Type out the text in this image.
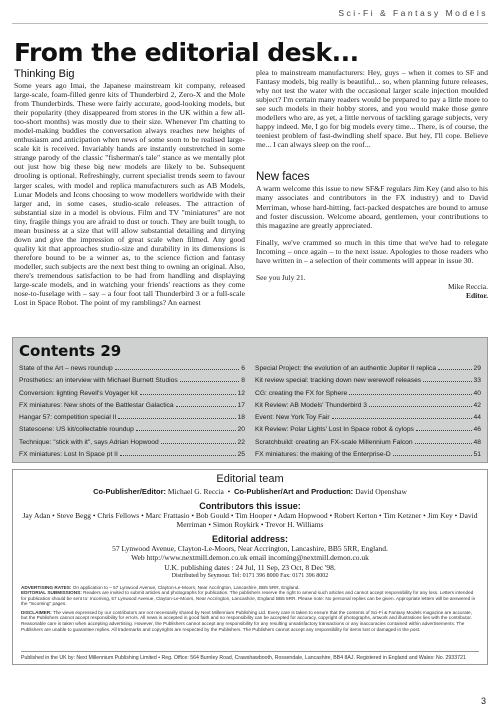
Sci-Fi & Fantasy Models
From the editorial desk...
Thinking Big

Some years ago Imai, the Japanese mainstream kit company, released large-scale, foam-filled genre kits of Thunderbird 2, Zero-X and the Mole from Thunderbirds. These were fairly accurate, good-looking models, but their popularity (they disappeared from stores in the UK within a few all-too-short months) was mostly due to their size. Whenever I'm chatting to model-making buddies the conversation always reaches new heights of enthusiasm and anticipation when news of some soon to be realised large-scale kit is received. Invariably hands are instantly outstretched in some strange parody of the classic "fisherman's tale" stance as we mentally plot out just how big these big new models are likely to be. Subsequent drooling is optional. Refreshingly, current specialist trends seem to favour larger scales, with model and replica manufacturers such as AB Models, Lunar Models and Icons choosing to wow modellers worldwide with their larger and, in some cases, studio-scale releases. The attraction of substantial size in a model is obvious. Film and TV "miniatures" are not tiny, fragile things you are afraid to dust or touch. They are built tough, to mean business at a size that will allow substantial detailing and dirtying down and give the impression of great scale when filmed. Any good quality kit that approaches studio-size and durability in its dimensions is therefore bound to be a winner as, to the science fiction and fantasy modeller, such subjects are the next best thing to owning an original. Also, there's tremendous satisfaction to be had from handling and displaying large-scale models, and in watching your friends' reactions as they come nose-to-fuselage with – say – a four foot tall Thunderbird 3 or a full-scale Lost in Space Robot. The point of my ramblings? An earnest

plea to mainstream manufacturers: Hey, guys – when it comes to SF and Fantasy models, big really is beautiful... so, when planning future releases, why not test the water with the occasional larger scale injection moulded subject? I'm certain many readers would be prepared to pay a little more to see such models in their hobby stores, and you would make those genre modellers who are, as yet, a little nervous of tackling garage subjects, very happy indeed. Me, I go for big models every time... There, is of course, the teeniest problem of fast-dwindling shelf space. But hey, I'll cope. Believe me... I can always sleep on the roof...

New faces

A warm welcome this issue to new SF&F regulars Jim Key (and also to his many associates and contributors in the FX industry) and to David Merriman, whose hard-hitting, fact-packed despatches are bound to amuse and foster discussion. Welcome aboard, gentlemen, your contributions to this magazine are greatly appreciated.

Finally, we've crammed so much in this time that we've had to relegate Incoming – once again – to the next issue. Apologies to those readers who have written in – a selection of their comments will appear in issue 30.

See you July 21.

Mike Reccia.

Editor.

Contents 29
State of the Art – news roundup	6
Prosthetics: an interview with Michael Burnett Studios	8
Conversion: lighting Revell's Voyager kit	12
FX miniatures: New shots of the Battlestar Galactica	17
Hangar 57: competition special II	18
Statescene: US kit/collectable roundup	20
Technique: "stick with it", says Adrian Hopwood	22
FX miniatures: Lost In Space pt II	25
Special Project: the evolution of an authentic Jupiter II replica	29
Kit review special: tracking down new werewolf releases	33
CG: creating the FX for Sphere	40
Kit Review: AB Models' Thunderbird 3	42
Event: New York Toy Fair	44
Kit Review: Polar Lights' Lost In Space robot & cylops	46
Scratchbuild: creating an FX-scale Millennium Falcon	48
FX miniatures: the making of the Enterprise-D	51
Editorial team
Co-Publisher/Editor: Michael G. Reccia  •  Co-Publisher/Art and Production: David Openshaw
Contributors this issue:
Jay Adan • Steve Begg • Chris Fellows • Marc Frattasio • Bob Gould • Tim Hooper • Adam Hopwood • Robert Kerton • Tim Ketzner • Jim Key • David Merriman • Simon Roykirk • Trevor H. Williams
Editorial address:
57 Lynwood Avenue, Clayton-Le-Moors, Near Accrington, Lancashire, BB5 5RR, England.
Web http://www.nextmill.demon.co.uk email incoming@nextmill.demon.co.uk
U.K. publishing dates : 24 Jul, 11 Sep, 23 Oct, 8 Dec '98.
Distributed by Seymour. Tel: 0171 396 8000 Fax: 0171 396 8002
ADVERTISING RATES: On application to – 57 Lynwood Avenue, Clayton-Le-Moors, Near Accrington, Lancashire, BB5 5RR, England.
EDITORIAL SUBMISSIONS: Readers are invited to submit articles and photographs for publication. The publishers reserve the right to amend such articles and cannot accept responsibility for any loss. Letters intended for publication should be sent to: Incoming, 57 Lynwood Avenue, Clayton-Le-Moors, Near Accrington, Lancashire, England BB5 5RR. Please note: No personal replies can be given. Appropriate letters will be answered in the "Incoming" pages.
DISCLAIMER: The views expressed by our contributors are not necessarily shared by Next Millennium Publishing Ltd. Every care is taken to ensure that the contents of Sci-Fi & Fantasy Models magazine are accurate, but the Publishers cannot accept responsibility for errors. All news is accepted in good faith and no responsibility can be accepted for accuracy, copyright of photographs, artwork and illustrations lies with the contributor. Reasonable care is taken when accepting advertising. However, the Publishers cannot accept any responsibility for any resulting unsatisfactory transactions or any inaccuracies contained within advertisements. The Publishers are unable to guarantee replies. All trademarks and copyrights are respected by the Publishers. The Publishers cannot accept any responsibility for items lost or damaged in the post.
Published in the UK by: Next Millennium Publishing Limited • Reg. Office: 564 Burnley Road, Crawshawbooth, Rossendale, Lancashire, BB4 8AJ. Registered in England and Wales: No. 2933721
3
